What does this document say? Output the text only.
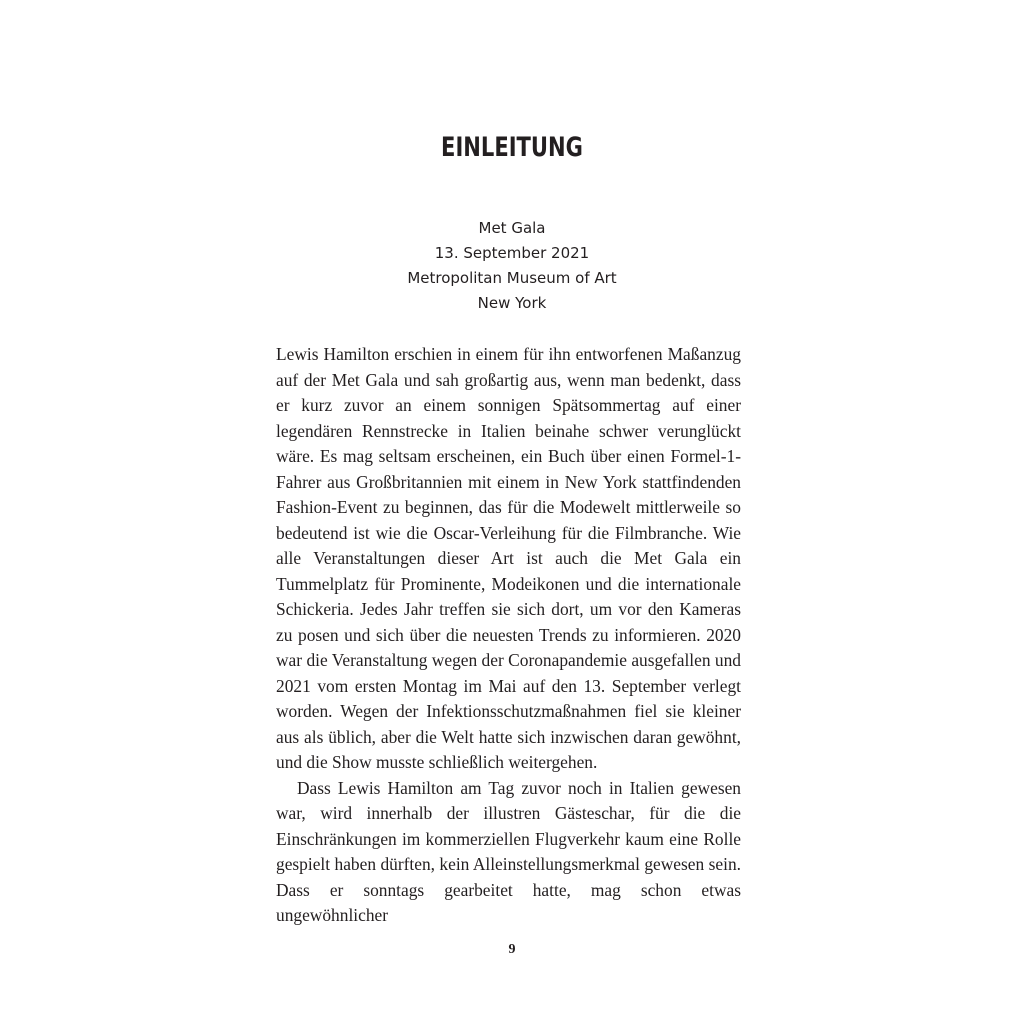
EINLEITUNG
Met Gala
13. September 2021
Metropolitan Museum of Art
New York

Lewis Hamilton erschien in einem für ihn entworfenen Maßanzug auf der Met Gala und sah großartig aus, wenn man bedenkt, dass er kurz zuvor an einem sonnigen Spätsommertag auf einer legendären Rennstrecke in Italien beinahe schwer verunglückt wäre. Es mag seltsam erscheinen, ein Buch über einen Formel-1-Fahrer aus Großbritannien mit einem in New York stattfindenden Fashion-Event zu beginnen, das für die Modewelt mittlerweile so bedeutend ist wie die Oscar-Verleihung für die Filmbranche. Wie alle Veranstaltungen dieser Art ist auch die Met Gala ein Tummelplatz für Prominente, Modeikonen und die internationale Schickeria. Jedes Jahr treffen sie sich dort, um vor den Kameras zu posen und sich über die neuesten Trends zu informieren. 2020 war die Veranstaltung wegen der Coronapandemie ausgefallen und 2021 vom ersten Montag im Mai auf den 13. September verlegt worden. Wegen der Infektionsschutzmaßnahmen fiel sie kleiner aus als üblich, aber die Welt hatte sich inzwischen daran gewöhnt, und die Show musste schließlich weitergehen.

Dass Lewis Hamilton am Tag zuvor noch in Italien gewesen war, wird innerhalb der illustren Gästeschar, für die die Einschränkungen im kommerziellen Flugverkehr kaum eine Rolle gespielt haben dürften, kein Alleinstellungsmerkmal gewesen sein. Dass er sonntags gearbeitet hatte, mag schon etwas ungewöhnlicher

9
